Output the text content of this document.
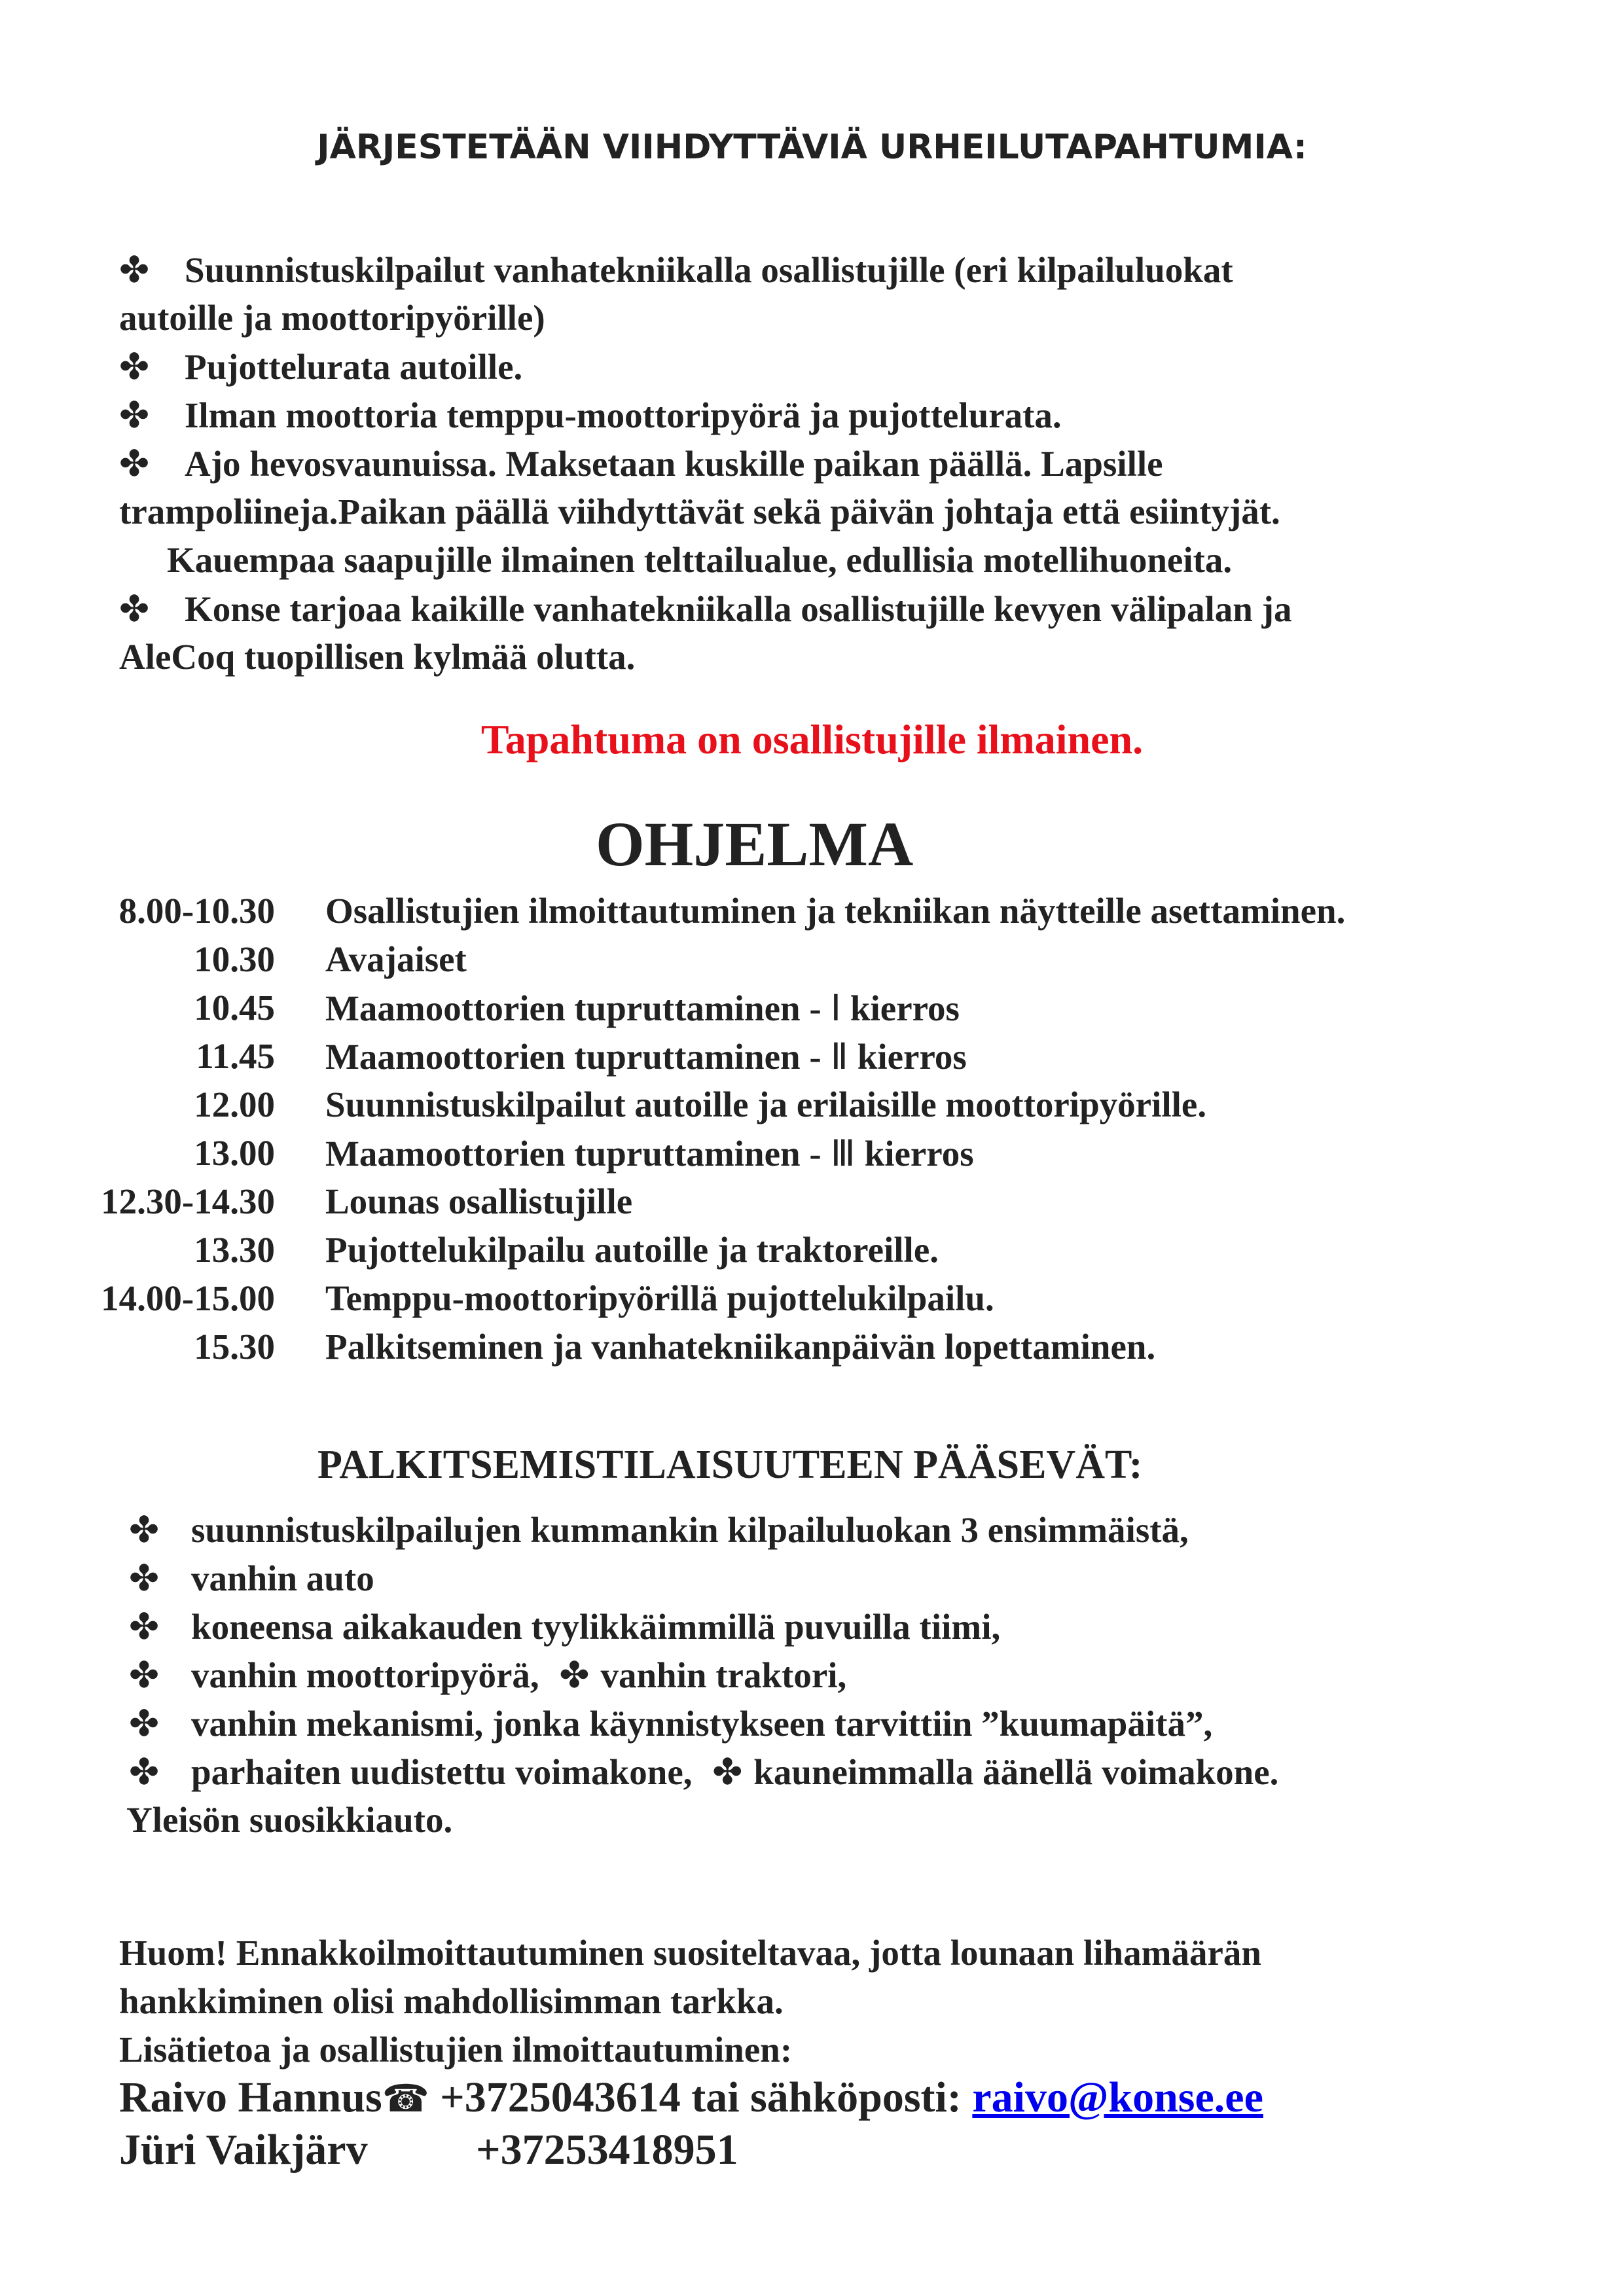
JÄRJESTETÄÄN VIIHDYTTÄVIÄ URHEILUTAPAHTUMIA:
✤ Suunnistuskilpailut vanhatekniikalla osallistujille (eri kilpailuluokat
autoille ja moottoripyörille)
✤ Pujottelurata autoille.
✤ Ilman moottoria temppu-moottoripyörä ja pujottelurata.
✤ Ajo hevosvaunuissa. Maksetaan kuskille paikan päällä. Lapsille
trampoliineja.Paikan päällä viihdyttävät sekä päivän johtaja että esiintyjät.
Kauempaa saapujille ilmainen telttailualue, edullisia motellihuoneita.
✤ Konse tarjoaa kaikille vanhatekniikalla osallistujille kevyen välipalan ja
AleCoq tuopillisen kylmää olutta.
Tapahtuma on osallistujille ilmainen.
OHJELMA
8.00-10.30 Osallistujien ilmoittautuminen ja tekniikan näytteille asettaminen.
10.30 Avajaiset
10.45 Maamoottorien tupruttaminen - Ⅰ kierros
11.45 Maamoottorien tupruttaminen - Ⅱ kierros
12.00 Suunnistuskilpailut autoille ja erilaisille moottoripyörille.
13.00 Maamoottorien tupruttaminen - Ⅲ kierros
12.30-14.30 Lounas osallistujille
13.30 Pujottelukilpailu autoille ja traktoreille.
14.00-15.00 Temppu-moottoripyörillä pujottelukilpailu.
15.30 Palkitseminen ja vanhatekniikanpäivän lopettaminen.
PALKITSEMISTILAISUUTEEN PÄÄSEVÄT:
✤ suunnistuskilpailujen kummankin kilpailuluokan 3 ensimmäistä,
✤ vanhin auto
✤ koneensa aikakauden tyylikkäimmillä puvuilla tiimi,
✤ vanhin moottoripyörä, ✤ vanhin traktori,
✤ vanhin mekanismi, jonka käynnistykseen tarvittiin ”kuumapäitä”,
✤ parhaiten uudistettu voimakone, ✤ kauneimmalla äänellä voimakone.
Yleisön suosikkiauto.
Huom! Ennakkoilmoittautuminen suositeltavaa, jotta lounaan lihamäärän
hankkiminen olisi mahdollisimman tarkka.
Lisätietoa ja osallistujien ilmoittautuminen:
Raivo Hannus☎ +3725043614 tai sähköposti: raivo@konse.ee
Jüri Vaikjärv	+37253418951
